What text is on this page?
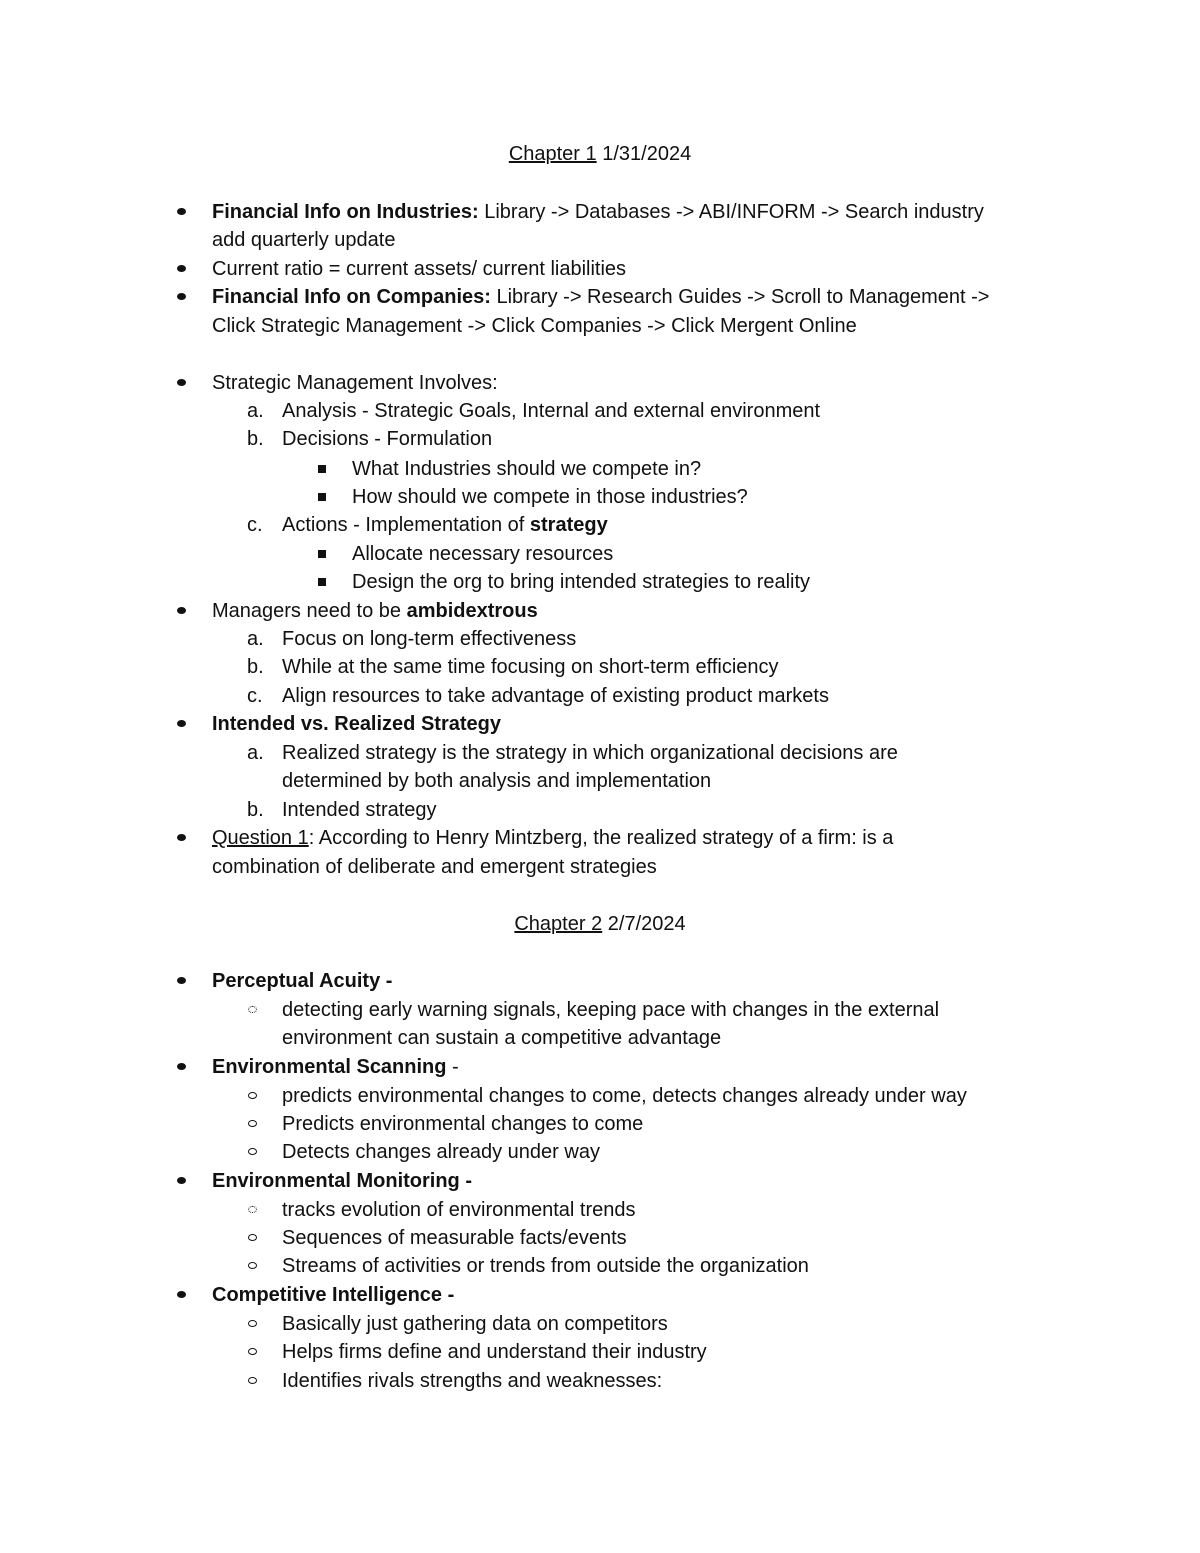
Chapter 1 1/31/2024
Financial Info on Industries: Library -> Databases -> ABI/INFORM -> Search industry
add quarterly update
Current ratio = current assets/ current liabilities
Financial Info on Companies: Library -> Research Guides -> Scroll to Management ->
Click Strategic Management -> Click Companies -> Click Mergent Online
Strategic Management Involves:
a. Analysis - Strategic Goals, Internal and external environment
b. Decisions - Formulation
What Industries should we compete in?
How should we compete in those industries?
c. Actions - Implementation of strategy
Allocate necessary resources
Design the org to bring intended strategies to reality
Managers need to be ambidextrous
a. Focus on long-term effectiveness
b. While at the same time focusing on short-term efficiency
c. Align resources to take advantage of existing product markets
Intended vs. Realized Strategy
a. Realized strategy is the strategy in which organizational decisions are
determined by both analysis and implementation
b. Intended strategy
Question 1: According to Henry Mintzberg, the realized strategy of a firm: is a
combination of deliberate and emergent strategies
Chapter 2 2/7/2024
Perceptual Acuity -
detecting early warning signals, keeping pace with changes in the external
environment can sustain a competitive advantage
Environmental Scanning -
predicts environmental changes to come, detects changes already under way
Predicts environmental changes to come
Detects changes already under way
Environmental Monitoring -
tracks evolution of environmental trends
Sequences of measurable facts/events
Streams of activities or trends from outside the organization
Competitive Intelligence -
Basically just gathering data on competitors
Helps firms define and understand their industry
Identifies rivals strengths and weaknesses:
